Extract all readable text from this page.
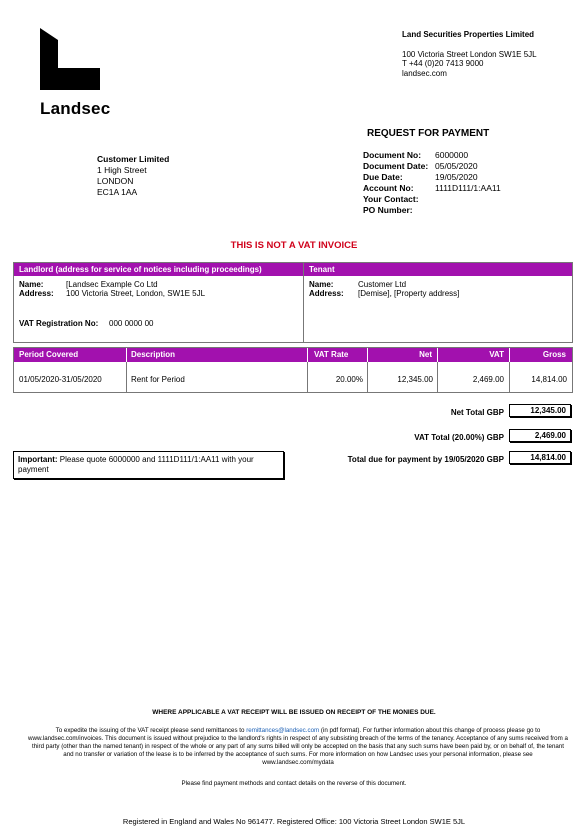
Landsec
Land Securities Properties Limited
100 Victoria Street London SW1E 5JL
T +44 (0)20 7413 9000
landsec.com
REQUEST FOR PAYMENT
Customer Limited
1 High Street
LONDON
EC1A 1AA
Document No:	6000000
Document Date: 05/05/2020
Due Date:	19/05/2020
Account No:	1111D111/1:AA11
Your Contact:
PO Number:
THIS IS NOT A VAT INVOICE
Landlord (address for service of notices including proceedings)	Tenant
Name:	[Landsec Example Co Ltd
Address: 100 Victoria Street, London, SW1E 5JL
VAT Registration No: 000 0000 00
Name:	Customer Ltd
Address: [Demise], [Property address]
Period Covered	Description	VAT Rate	Net	VAT	Gross
01/05/2020-31/05/2020	Rent for Period	20.00%	12,345.00	2,469.00	14,814.00
Net Total GBP	12,345.00
VAT Total (20.00%) GBP	2,469.00
Total due for payment by 19/05/2020 GBP	14,814.00
Important: Please quote 6000000 and 1111D111/1:AA11 with your payment
WHERE APPLICABLE A VAT RECEIPT WILL BE ISSUED ON RECEIPT OF THE MONIES DUE.
To expedite the issuing of the VAT receipt please send remittances to remittances@landsec.com (in pdf format). For further information about this change of process please go to www.landsec.com/invoices. This document is issued without prejudice to the landlord's rights in respect of any subsisting breach of the terms of the tenancy. Acceptance of any sums received from a third party (other than the named tenant) in respect of the whole or any part of any sums billed will only be accepted on the basis that any such sums have been paid by, or on behalf of, the tenant and no transfer or variation of the lease is to be inferred by the acceptance of such sums. For more information on how Landsec uses your personal information, please see www.landsec.com/mydata
Please find payment methods and contact details on the reverse of this document.
Registered in England and Wales No 961477. Registered Office: 100 Victoria Street London SW1E 5JL
